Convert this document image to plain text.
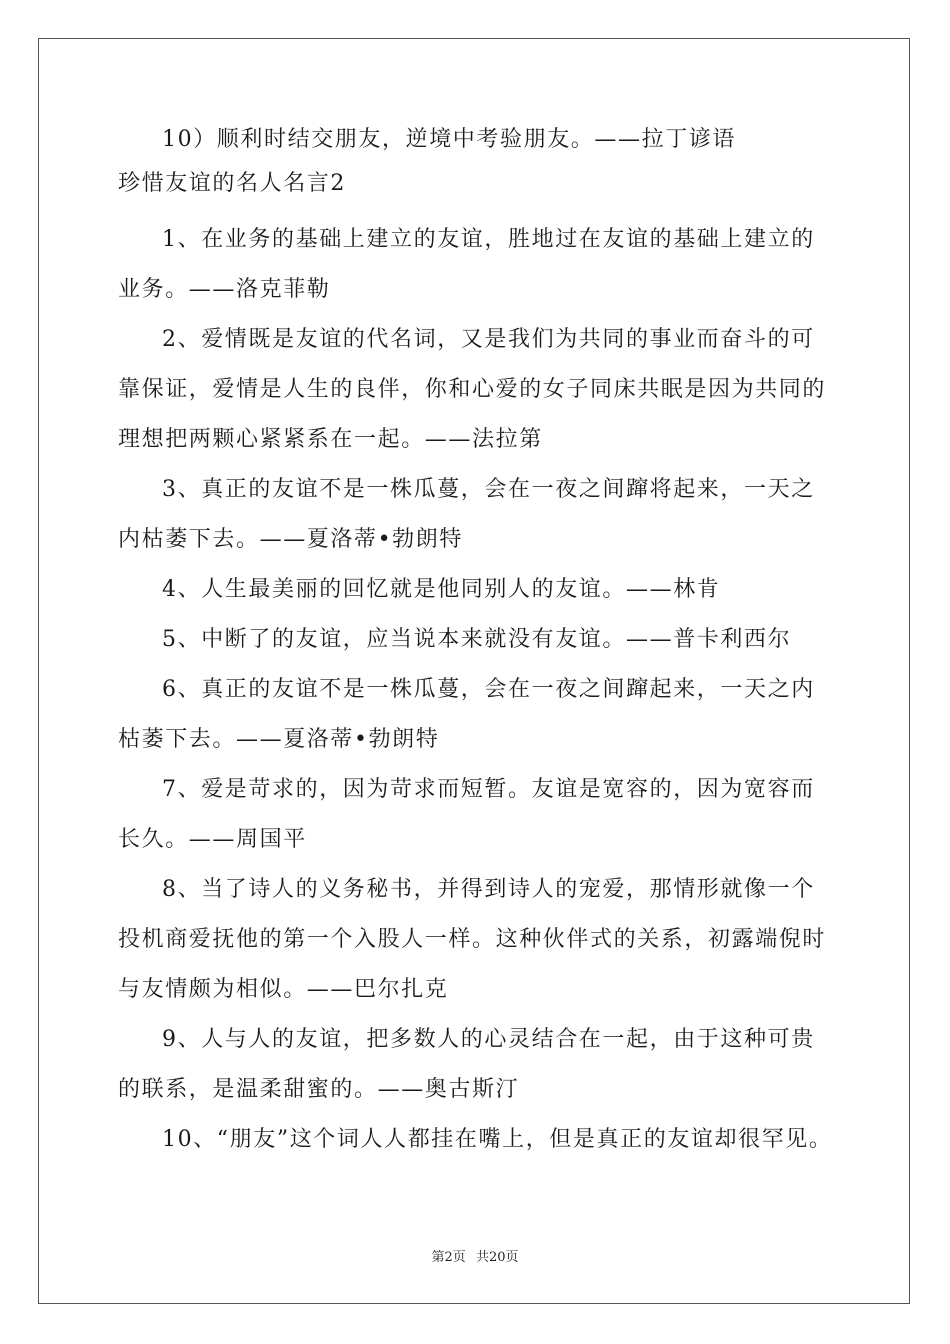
10）顺利时结交朋友，逆境中考验朋友。——拉丁谚语
珍惜友谊的名人名言2
1、在业务的基础上建立的友谊，胜地过在友谊的基础上建立的
业务。——洛克菲勒
2、爱情既是友谊的代名词，又是我们为共同的事业而奋斗的可
靠保证，爱情是人生的良伴，你和心爱的女子同床共眠是因为共同的
理想把两颗心紧紧系在一起。——法拉第
3、真正的友谊不是一株瓜蔓，会在一夜之间蹿将起来，一天之
内枯萎下去。——夏洛蒂•勃朗特
4、人生最美丽的回忆就是他同别人的友谊。——林肯
5、中断了的友谊，应当说本来就没有友谊。——普卡利西尔
6、真正的友谊不是一株瓜蔓，会在一夜之间蹿起来，一天之内
枯萎下去。——夏洛蒂•勃朗特
7、爱是苛求的，因为苛求而短暂。友谊是宽容的，因为宽容而
长久。——周国平
8、当了诗人的义务秘书，并得到诗人的宠爱，那情形就像一个
投机商爱抚他的第一个入股人一样。这种伙伴式的关系，初露端倪时
与友情颇为相似。——巴尔扎克
9、人与人的友谊，把多数人的心灵结合在一起，由于这种可贵
的联系，是温柔甜蜜的。——奥古斯汀
10、“朋友”这个词人人都挂在嘴上，但是真正的友谊却很罕见。
第2页 共20页
